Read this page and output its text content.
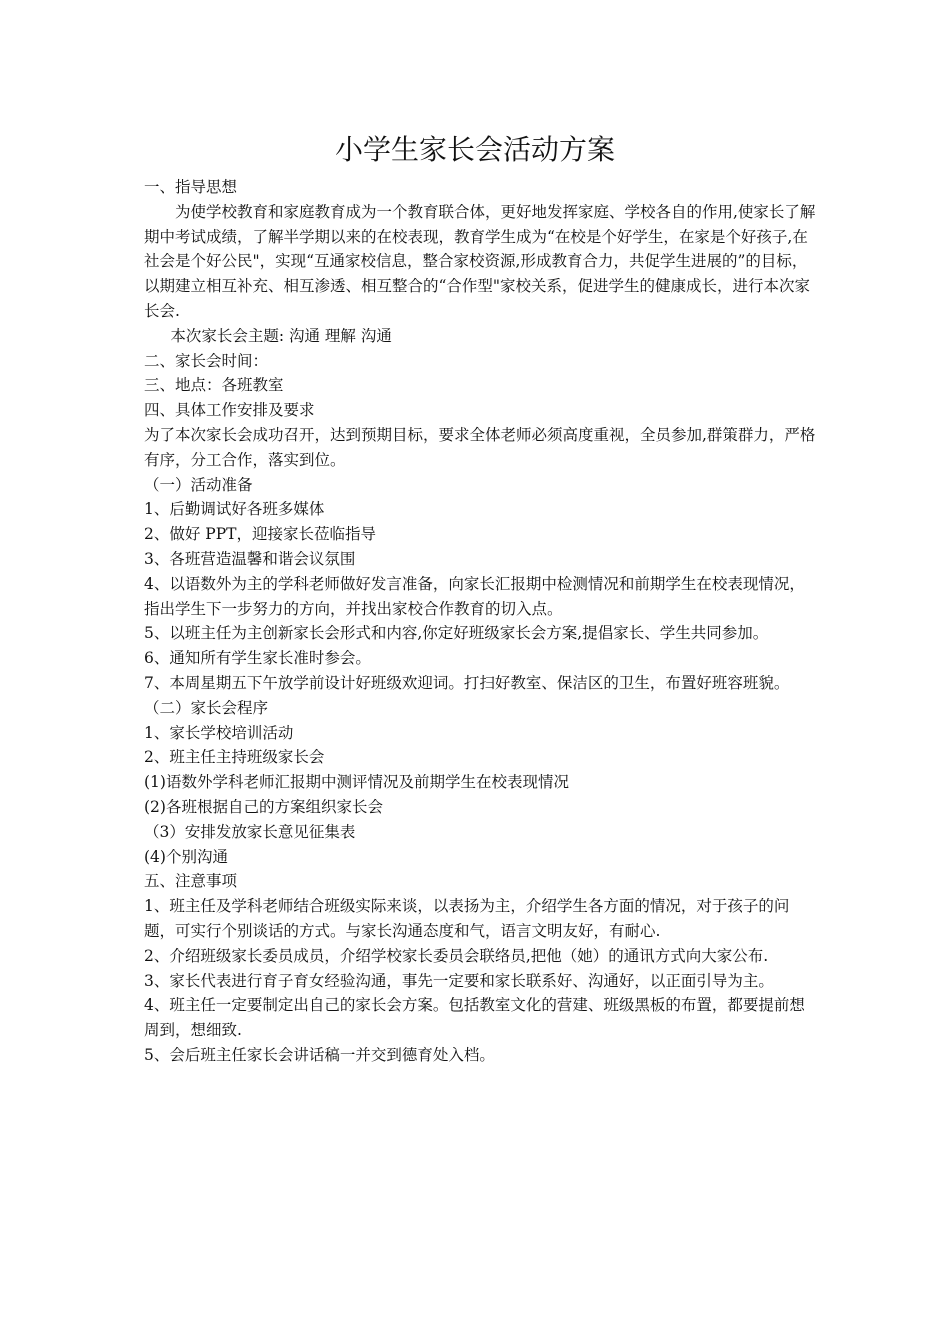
小学生家长会活动方案

一、指导思想

为使学校教育和家庭教育成为一个教育联合体，更好地发挥家庭、学校各自的作用,使家长了解期中考试成绩，了解半学期以来的在校表现，教育学生成为“在校是个好学生，在家是个好孩子,在社会是个好公民"，实现“互通家校信息，整合家校资源,形成教育合力，共促学生进展的”的目标，以期建立相互补充、相互渗透、相互整合的“合作型"家校关系，促进学生的健康成长，进行本次家长会.

本次家长会主题: 沟通 理解 沟通

二、家长会时间：

三、地点：各班教室

四、具体工作安排及要求

为了本次家长会成功召开，达到预期目标，要求全体老师必须高度重视，全员参加,群策群力，严格有序，分工合作，落实到位。

（一）活动准备

1、后勤调试好各班多媒体

2、做好 PPT，迎接家长莅临指导

3、各班营造温馨和谐会议氛围

4、以语数外为主的学科老师做好发言准备，向家长汇报期中检测情况和前期学生在校表现情况，指出学生下一步努力的方向，并找出家校合作教育的切入点。

5、以班主任为主创新家长会形式和内容,你定好班级家长会方案,提倡家长、学生共同参加。

6、通知所有学生家长准时参会。

7、本周星期五下午放学前设计好班级欢迎词。打扫好教室、保洁区的卫生，布置好班容班貌。

（二）家长会程序

1、家长学校培训活动

2、班主任主持班级家长会

(1)语数外学科老师汇报期中测评情况及前期学生在校表现情况

(2)各班根据自己的方案组织家长会

（3）安排发放家长意见征集表

(4)个别沟通

五、注意事项

1、班主任及学科老师结合班级实际来谈，以表扬为主，介绍学生各方面的情况，对于孩子的问题，可实行个别谈话的方式。与家长沟通态度和气，语言文明友好，有耐心.

2、介绍班级家长委员成员，介绍学校家长委员会联络员,把他（她）的通讯方式向大家公布.

3、家长代表进行育子育女经验沟通，事先一定要和家长联系好、沟通好，以正面引导为主。

4、班主任一定要制定出自己的家长会方案。包括教室文化的营建、班级黑板的布置，都要提前想周到，想细致.

5、会后班主任家长会讲话稿一并交到德育处入档。
